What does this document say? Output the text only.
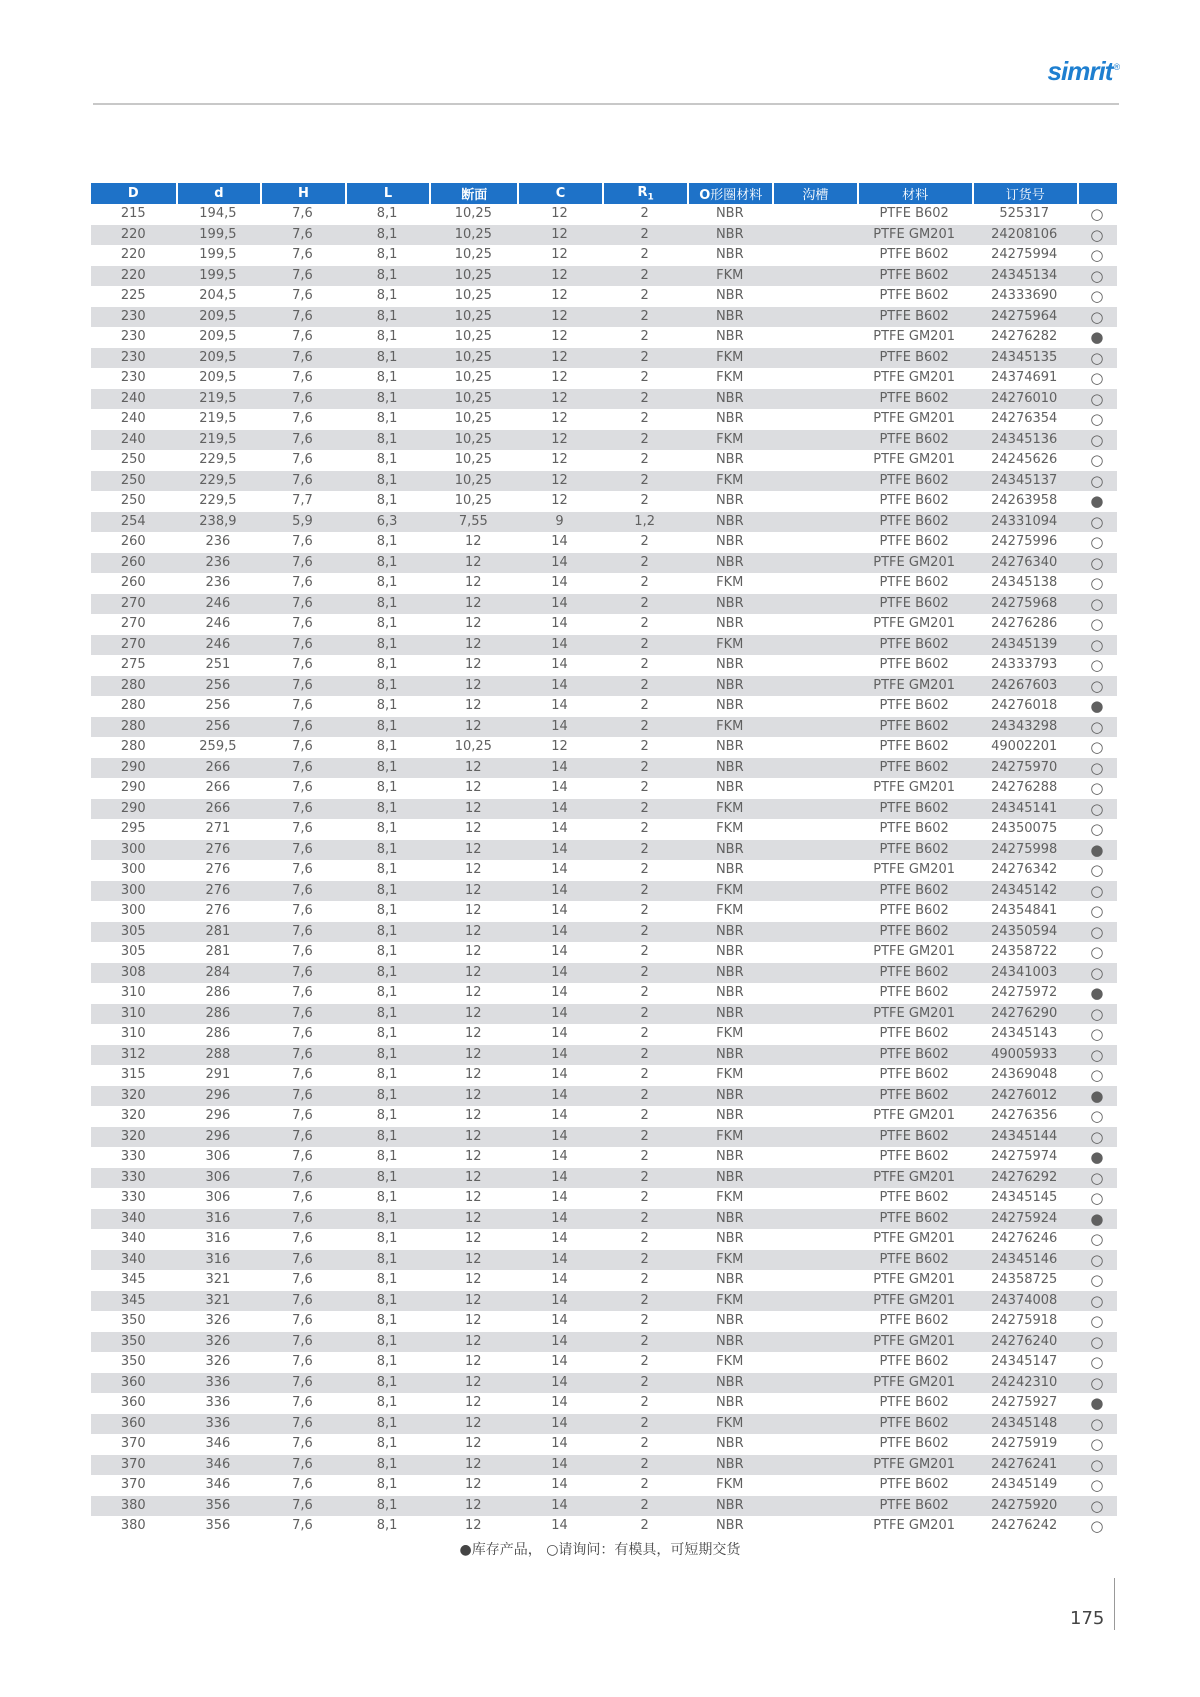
simrit®
D	d	H	L	断面	C	$R_1$	O形圈材料	沟槽	材料	订货号	
215	194,5	7,6	8,1	10,25	12	2	NBR		PTFE B602	525317	○
220	199,5	7,6	8,1	10,25	12	2	NBR		PTFE GM201	24208106	○
220	199,5	7,6	8,1	10,25	12	2	NBR		PTFE B602	24275994	○
220	199,5	7,6	8,1	10,25	12	2	FKM		PTFE B602	24345134	○
225	204,5	7,6	8,1	10,25	12	2	NBR		PTFE B602	24333690	○
230	209,5	7,6	8,1	10,25	12	2	NBR		PTFE B602	24275964	○
230	209,5	7,6	8,1	10,25	12	2	NBR		PTFE GM201	24276282	●
230	209,5	7,6	8,1	10,25	12	2	FKM		PTFE B602	24345135	○
230	209,5	7,6	8,1	10,25	12	2	FKM		PTFE GM201	24374691	○
240	219,5	7,6	8,1	10,25	12	2	NBR		PTFE B602	24276010	○
240	219,5	7,6	8,1	10,25	12	2	NBR		PTFE GM201	24276354	○
240	219,5	7,6	8,1	10,25	12	2	FKM		PTFE B602	24345136	○
250	229,5	7,6	8,1	10,25	12	2	NBR		PTFE GM201	24245626	○
250	229,5	7,6	8,1	10,25	12	2	FKM		PTFE B602	24345137	○
250	229,5	7,7	8,1	10,25	12	2	NBR		PTFE B602	24263958	●
254	238,9	5,9	6,3	7,55	9	1,2	NBR		PTFE B602	24331094	○
260	236	7,6	8,1	12	14	2	NBR		PTFE B602	24275996	○
260	236	7,6	8,1	12	14	2	NBR		PTFE GM201	24276340	○
260	236	7,6	8,1	12	14	2	FKM		PTFE B602	24345138	○
270	246	7,6	8,1	12	14	2	NBR		PTFE B602	24275968	○
270	246	7,6	8,1	12	14	2	NBR		PTFE GM201	24276286	○
270	246	7,6	8,1	12	14	2	FKM		PTFE B602	24345139	○
275	251	7,6	8,1	12	14	2	NBR		PTFE B602	24333793	○
280	256	7,6	8,1	12	14	2	NBR		PTFE GM201	24267603	○
280	256	7,6	8,1	12	14	2	NBR		PTFE B602	24276018	●
280	256	7,6	8,1	12	14	2	FKM		PTFE B602	24343298	○
280	259,5	7,6	8,1	10,25	12	2	NBR		PTFE B602	49002201	○
290	266	7,6	8,1	12	14	2	NBR		PTFE B602	24275970	○
290	266	7,6	8,1	12	14	2	NBR		PTFE GM201	24276288	○
290	266	7,6	8,1	12	14	2	FKM		PTFE B602	24345141	○
295	271	7,6	8,1	12	14	2	FKM		PTFE B602	24350075	○
300	276	7,6	8,1	12	14	2	NBR		PTFE B602	24275998	●
300	276	7,6	8,1	12	14	2	NBR		PTFE GM201	24276342	○
300	276	7,6	8,1	12	14	2	FKM		PTFE B602	24345142	○
300	276	7,6	8,1	12	14	2	FKM		PTFE B602	24354841	○
305	281	7,6	8,1	12	14	2	NBR		PTFE B602	24350594	○
305	281	7,6	8,1	12	14	2	NBR		PTFE GM201	24358722	○
308	284	7,6	8,1	12	14	2	NBR		PTFE B602	24341003	○
310	286	7,6	8,1	12	14	2	NBR		PTFE B602	24275972	●
310	286	7,6	8,1	12	14	2	NBR		PTFE GM201	24276290	○
310	286	7,6	8,1	12	14	2	FKM		PTFE B602	24345143	○
312	288	7,6	8,1	12	14	2	NBR		PTFE B602	49005933	○
315	291	7,6	8,1	12	14	2	FKM		PTFE B602	24369048	○
320	296	7,6	8,1	12	14	2	NBR		PTFE B602	24276012	●
320	296	7,6	8,1	12	14	2	NBR		PTFE GM201	24276356	○
320	296	7,6	8,1	12	14	2	FKM		PTFE B602	24345144	○
330	306	7,6	8,1	12	14	2	NBR		PTFE B602	24275974	●
330	306	7,6	8,1	12	14	2	NBR		PTFE GM201	24276292	○
330	306	7,6	8,1	12	14	2	FKM		PTFE B602	24345145	○
340	316	7,6	8,1	12	14	2	NBR		PTFE B602	24275924	●
340	316	7,6	8,1	12	14	2	NBR		PTFE GM201	24276246	○
340	316	7,6	8,1	12	14	2	FKM		PTFE B602	24345146	○
345	321	7,6	8,1	12	14	2	NBR		PTFE GM201	24358725	○
345	321	7,6	8,1	12	14	2	FKM		PTFE GM201	24374008	○
350	326	7,6	8,1	12	14	2	NBR		PTFE B602	24275918	○
350	326	7,6	8,1	12	14	2	NBR		PTFE GM201	24276240	○
350	326	7,6	8,1	12	14	2	FKM		PTFE B602	24345147	○
360	336	7,6	8,1	12	14	2	NBR		PTFE GM201	24242310	○
360	336	7,6	8,1	12	14	2	NBR		PTFE B602	24275927	●
360	336	7,6	8,1	12	14	2	FKM		PTFE B602	24345148	○
370	346	7,6	8,1	12	14	2	NBR		PTFE B602	24275919	○
370	346	7,6	8,1	12	14	2	NBR		PTFE GM201	24276241	○
370	346	7,6	8,1	12	14	2	FKM		PTFE B602	24345149	○
380	356	7,6	8,1	12	14	2	NBR		PTFE B602	24275920	○
380	356	7,6	8,1	12	14	2	NBR		PTFE GM201	24276242	○
●库存产品， ○请询问：有模具，可短期交货
175
